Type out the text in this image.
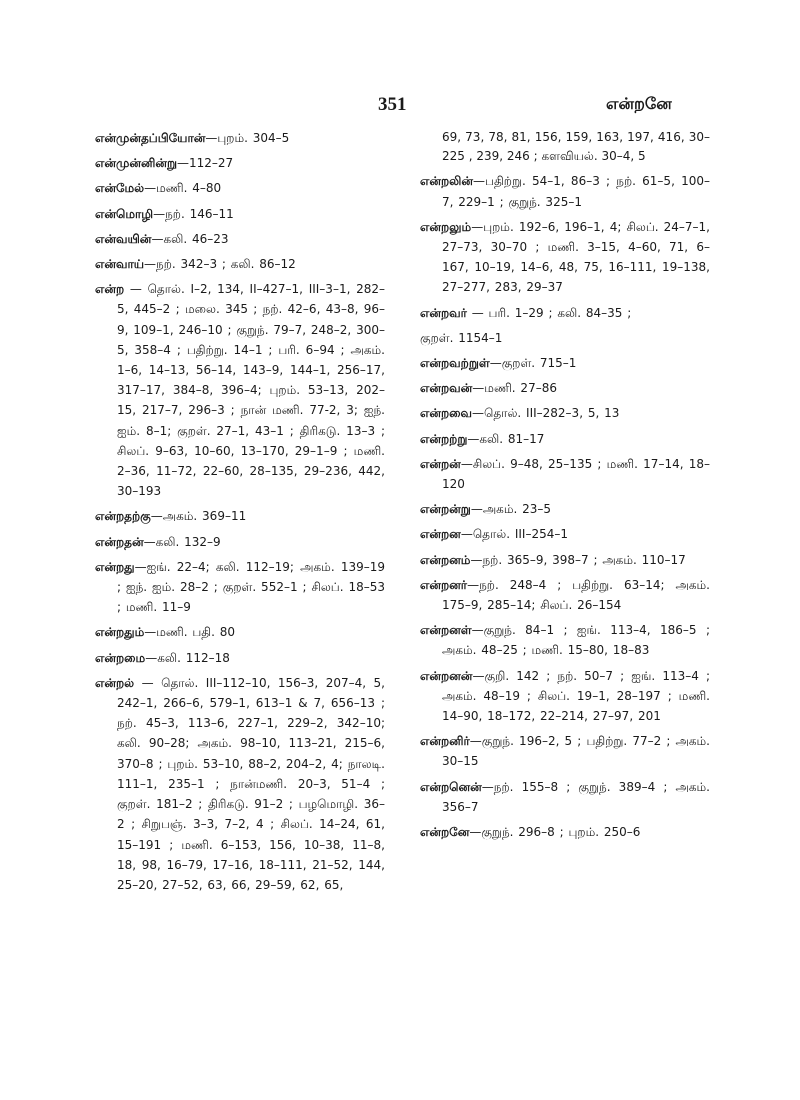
351	என்றனே
என்முன்தப்பியோன்—புறம். 304–5
என்முன்னின்று—112–27
என்மேல்—மணி. 4–80
என்மொழி—நற். 146–11
என்வயின்—கலி. 46–23
என்வாய்—நற். 342–3 ; கலி. 86–12
என்ற — தொல். I–2, 134, II–427–1, III–3–1, 282–5, 445–2 ; மலை. 345 ; நற். 42–6, 43–8, 96–9, 109–1, 246–10 ; குறுந். 79–7, 248–2, 300–5, 358–4 ; பதிற்று. 14–1 ; பரி. 6–94 ; அகம். 1–6, 14–13, 56–14, 143–9, 144–1, 256–17, 317–17, 384–8, 396–4; புறம். 53–13, 202–15, 217–7, 296–3 ; நான் மணி. 77-2, 3; ஐந். ஐம். 8–1; குறள். 27–1, 43–1 ; திரிகடு. 13–3 ; சிலப். 9–63, 10–60, 13–170, 29–1–9 ; மணி. 2–36, 11–72, 22–60, 28–135, 29–236, 442, 30–193
என்றதற்கு—அகம். 369–11
என்றதன்—கலி. 132–9
என்றது—ஐங். 22–4; கலி. 112–19; அகம். 139–19 ; ஐந். ஐம். 28–2 ; குறள். 552–1 ; சிலப். 18–53 ; மணி. 11–9
என்றதும்—மணி. பதி. 80
என்றமை—கலி. 112–18
என்றல் — தொல். III–112–10, 156–3, 207–4, 5, 242–1, 266–6, 579–1, 613–1 & 7, 656–13 ; நற். 45–3, 113–6, 227–1, 229–2, 342–10; கலி. 90–28; அகம். 98–10, 113–21, 215–6, 370–8 ; புறம். 53–10, 88–2, 204–2, 4; நாலடி. 111–1, 235–1 ; நான்மணி. 20–3, 51–4 ; குறள். 181–2 ; திரிகடு. 91–2 ; பழமொழி. 36–2 ; சிறுபஞ். 3–3, 7–2, 4 ; சிலப். 14–24, 61, 15–191 ; மணி. 6–153, 156, 10–38, 11–8, 18, 98, 16–79, 17–16, 18–111, 21–52, 144, 25–20, 27–52, 63, 66, 29–59, 62, 65,
69, 73, 78, 81, 156, 159, 163, 197, 416, 30–225 , 239, 246 ; களவியல். 30–4, 5
என்றலின்—பதிற்று. 54–1, 86–3 ; நற். 61–5, 100–7, 229–1 ; குறுந். 325–1
என்றலும்—புறம். 192–6, 196–1, 4; சிலப். 24–7–1, 27–73, 30–70 ; மணி. 3–15, 4–60, 71, 6–167, 10–19, 14–6, 48, 75, 16–111, 19–138, 27–277, 283, 29–37
என்றவர் — பரி. 1–29 ; கலி. 84–35 ;
குறள். 1154–1
என்றவற்றுள்—குறள். 715–1
என்றவன்—மணி. 27–86
என்றவை—தொல். III–282–3, 5, 13
என்றற்று—கலி. 81–17
என்றன்—சிலப். 9–48, 25–135 ; மணி. 17–14, 18–120
என்றன்று—அகம். 23–5
என்றன—தொல். III–254–1
என்றனம்—நற். 365–9, 398–7 ; அகம். 110–17
என்றனர்—நற். 248–4 ; பதிற்று. 63–14; அகம். 175–9, 285–14; சிலப். 26–154
என்றனள்—குறுந். 84–1 ; ஐங். 113–4, 186–5 ; அகம். 48–25 ; மணி. 15–80, 18–83
என்றனன்—குறி. 142 ; நற். 50–7 ; ஐங். 113–4 ; அகம். 48–19 ; சிலப். 19–1, 28–197 ; மணி. 14–90, 18–172, 22–214, 27–97, 201
என்றனிர்—குறுந். 196–2, 5 ; பதிற்று. 77–2 ; அகம். 30–15
என்றனென்—நற். 155–8 ; குறுந். 389–4 ; அகம். 356–7
என்றனே—குறுந். 296–8 ; புறம். 250–6
